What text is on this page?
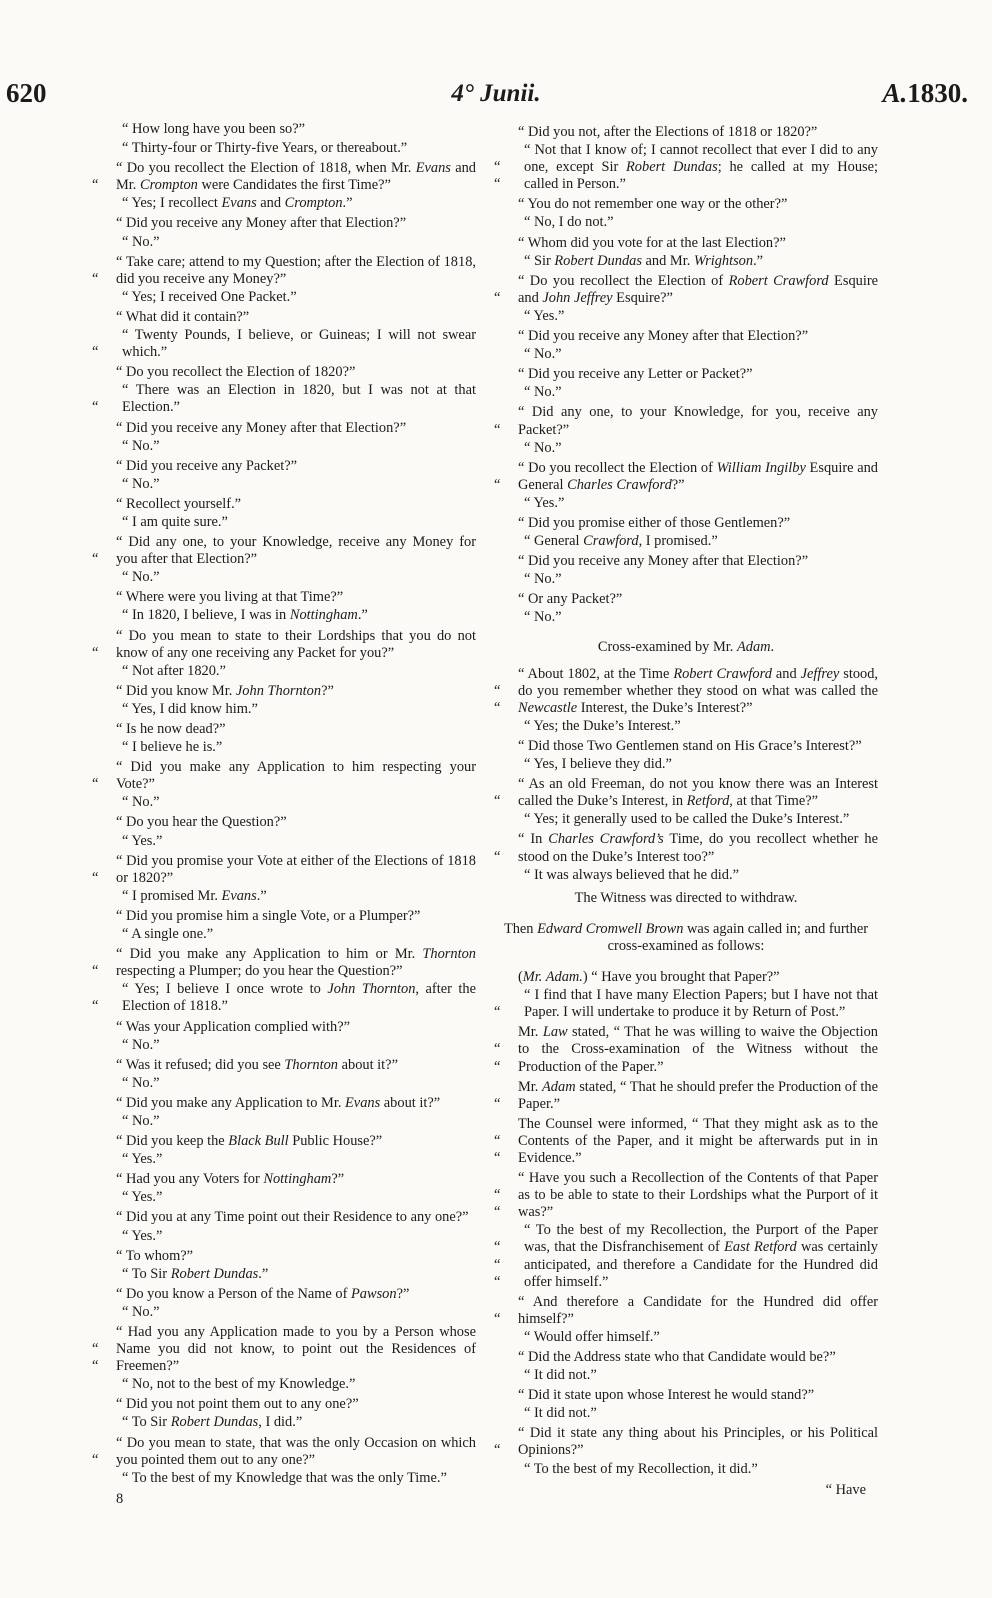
620	4° Junii.	A.1830.
“ How long have you been so?”
“ Thirty-four or Thirty-five Years, or thereabout.”
“ Do you recollect the Election of 1818, when Mr. Evans and Mr. Crompton were Candidates the first Time?”
“
“ Yes; I recollect Evans and Crompton.”
“ Did you receive any Money after that Election?”
“ No.”
“ Take care; attend to my Question; after the Election of 1818, did you receive any Money?”
“
“ Yes; I received One Packet.”
“ What did it contain?”
“ Twenty Pounds, I believe, or Guineas; I will not swear which.”
“
“ Do you recollect the Election of 1820?”
“ There was an Election in 1820, but I was not at that Election.”
“
“ Did you receive any Money after that Election?”
“ No.”
“ Did you receive any Packet?”
“ No.”
“ Recollect yourself.”
“ I am quite sure.”
“ Did any one, to your Knowledge, receive any Money for you after that Election?”
“
“ No.”
“ Where were you living at that Time?”
“ In 1820, I believe, I was in Nottingham.”
“ Do you mean to state to their Lordships that you do not know of any one receiving any Packet for you?”
“
“ Not after 1820.”
“ Did you know Mr. John Thornton?”
“ Yes, I did know him.”
“ Is he now dead?”
“ I believe he is.”
“ Did you make any Application to him respecting your Vote?”
“
“ No.”
“ Do you hear the Question?”
“ Yes.”
“ Did you promise your Vote at either of the Elections of 1818 or 1820?”
“
“ I promised Mr. Evans.”
“ Did you promise him a single Vote, or a Plumper?”
“ A single one.”
“ Did you make any Application to him or Mr. Thornton respecting a Plumper; do you hear the Question?”
“
“ Yes; I believe I once wrote to John Thornton, after the Election of 1818.”
“
“ Was your Application complied with?”
“ No.”
“ Was it refused; did you see Thornton about it?”
“ No.”
“ Did you make any Application to Mr. Evans about it?”
“ No.”
“ Did you keep the Black Bull Public House?”
“ Yes.”
“ Had you any Voters for Nottingham?”
“ Yes.”
“ Did you at any Time point out their Residence to any one?”
“ Yes.”
“ To whom?”
“ To Sir Robert Dundas.”
“ Do you know a Person of the Name of Pawson?”
“ No.”
“ Had you any Application made to you by a Person whose Name you did not know, to point out the Residences of Freemen?”
“
“
“ No, not to the best of my Knowledge.”
“ Did you not point them out to any one?”
“ To Sir Robert Dundas, I did.”
“ Do you mean to state, that was the only Occasion on which you pointed them out to any one?”
“
“ To the best of my Knowledge that was the only Time.”
8
“ Did you not, after the Elections of 1818 or 1820?”
“ Not that I know of; I cannot recollect that ever I did to any one, except Sir Robert Dundas; he called at my House; called in Person.”
“
“
“ You do not remember one way or the other?”
“ No, I do not.”
“ Whom did you vote for at the last Election?”
“ Sir Robert Dundas and Mr. Wrightson.”
“ Do you recollect the Election of Robert Crawford Esquire and John Jeffrey Esquire?”
“
“ Yes.”
“ Did you receive any Money after that Election?”
“ No.”
“ Did you receive any Letter or Packet?”
“ No.”
“ Did any one, to your Knowledge, for you, receive any Packet?”
“
“ No.”
“ Do you recollect the Election of William Ingilby Esquire and General Charles Crawford?”
“
“ Yes.”
“ Did you promise either of those Gentlemen?”
“ General Crawford, I promised.”
“ Did you receive any Money after that Election?”
“ No.”
“ Or any Packet?”
“ No.”
Cross-examined by Mr. Adam.
“ About 1802, at the Time Robert Crawford and Jeffrey stood, do you remember whether they stood on what was called the Newcastle Interest, the Duke’s Interest?”
“
“
“ Yes; the Duke’s Interest.”
“ Did those Two Gentlemen stand on His Grace’s Interest?”
“ Yes, I believe they did.”
“ As an old Freeman, do not you know there was an Interest called the Duke’s Interest, in Retford, at that Time?”
“
“ Yes; it generally used to be called the Duke’s Interest.”
“ In Charles Crawford’s Time, do you recollect whether he stood on the Duke’s Interest too?”
“
“ It was always believed that he did.”
The Witness was directed to withdraw.
Then Edward Cromwell Brown was again called in; and further cross-examined as follows:
(Mr. Adam.) “ Have you brought that Paper?”
“ I find that I have many Election Papers; but I have not that Paper. I will undertake to produce it by Return of Post.”
“
Mr. Law stated, “ That he was willing to waive the Objection to the Cross-examination of the Witness without the Production of the Paper.”
“
“
Mr. Adam stated, “ That he should prefer the Production of the Paper.”
“
The Counsel were informed, “ That they might ask as to the Contents of the Paper, and it might be afterwards put in in Evidence.”
“
“
“ Have you such a Recollection of the Contents of that Paper as to be able to state to their Lordships what the Purport of it was?”
“
“
“ To the best of my Recollection, the Purport of the Paper was, that the Disfranchisement of East Retford was certainly anticipated, and therefore a Candidate for the Hundred did offer himself.”
“
“
“
“ And therefore a Candidate for the Hundred did offer himself?”
“
“ Would offer himself.”
“ Did the Address state who that Candidate would be?”
“ It did not.”
“ Did it state upon whose Interest he would stand?”
“ It did not.”
“ Did it state any thing about his Principles, or his Political Opinions?”
“
“ To the best of my Recollection, it did.”
“ Have
